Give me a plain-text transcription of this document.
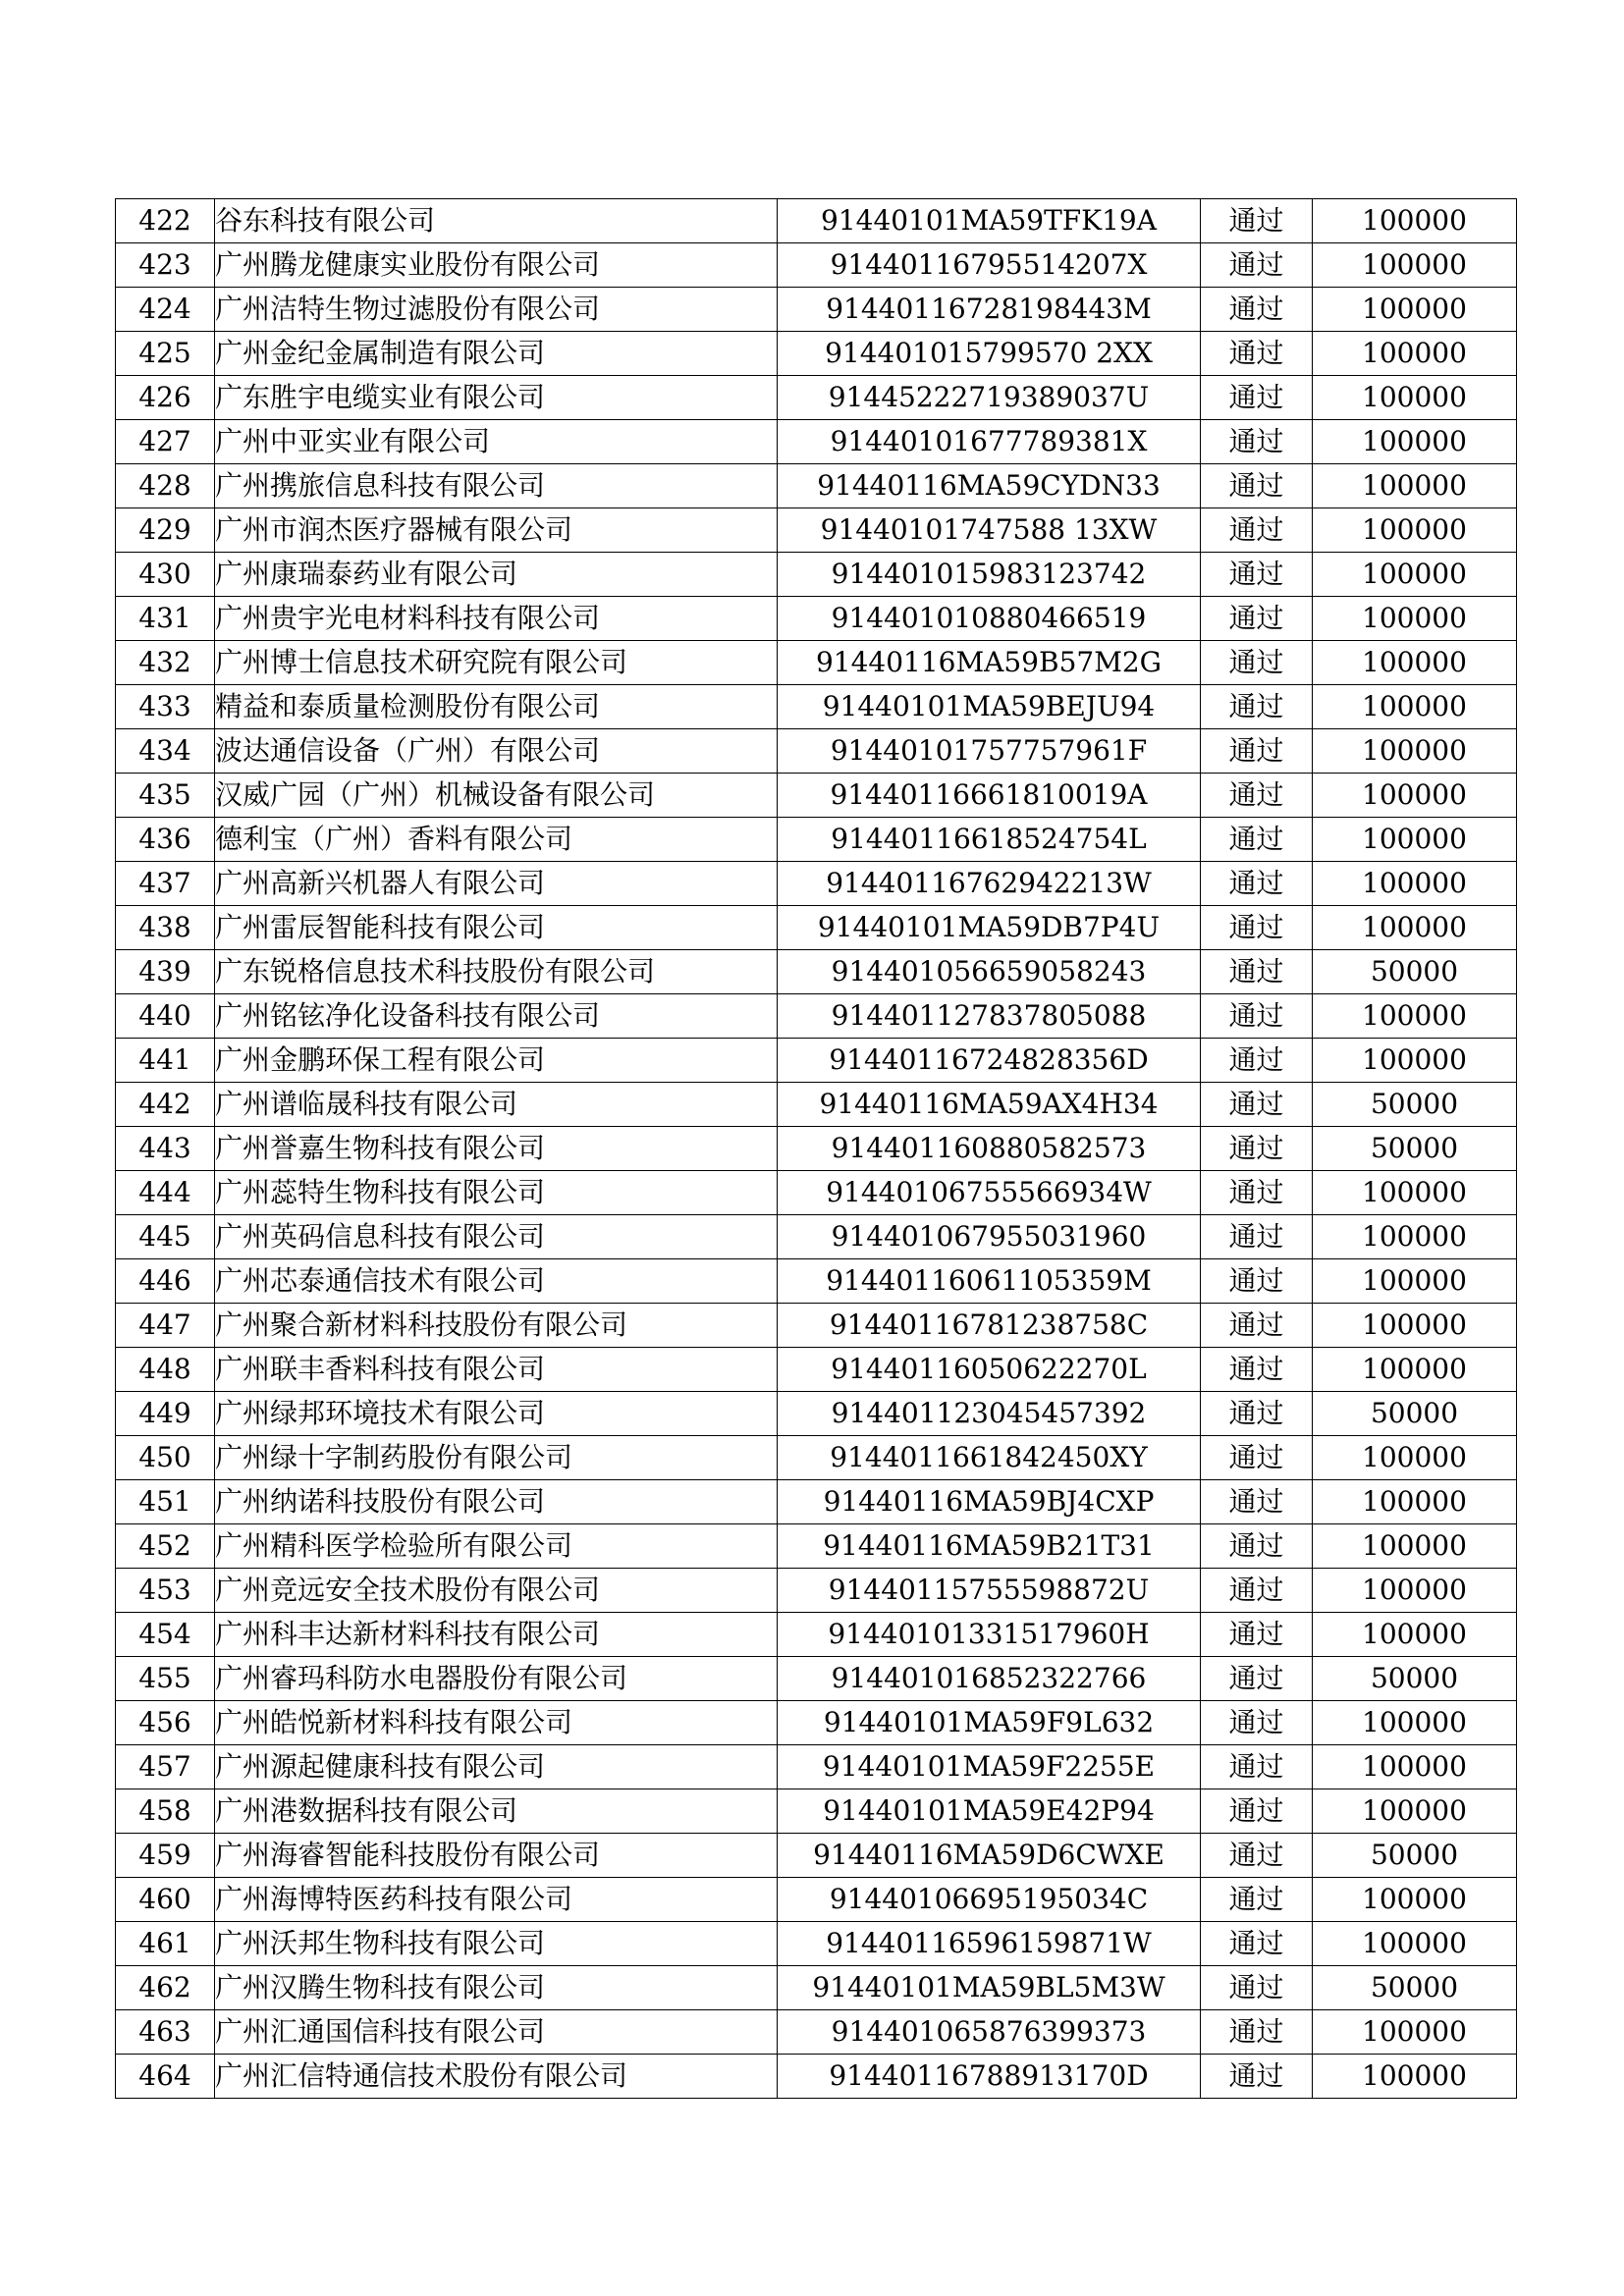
422	谷东科技有限公司	91440101MA59TFK19A	通过	100000
423	广州腾龙健康实业股份有限公司	91440116795514207X	通过	100000
424	广州洁特生物过滤股份有限公司	91440116728198443M	通过	100000
425	广州金纪金属制造有限公司	914401015799570 2XX	通过	100000
426	广东胜宇电缆实业有限公司	91445222719389037U	通过	100000
427	广州中亚实业有限公司	91440101677789381X	通过	100000
428	广州携旅信息科技有限公司	91440116MA59CYDN33	通过	100000
429	广州市润杰医疗器械有限公司	91440101747588 13XW	通过	100000
430	广州康瑞泰药业有限公司	914401015983123742	通过	100000
431	广州贵宇光电材料科技有限公司	914401010880466519	通过	100000
432	广州博士信息技术研究院有限公司	91440116MA59B57M2G	通过	100000
433	精益和泰质量检测股份有限公司	91440101MA59BEJU94	通过	100000
434	波达通信设备（广州）有限公司	91440101757757961F	通过	100000
435	汉威广园（广州）机械设备有限公司	91440116661810019A	通过	100000
436	德利宝（广州）香料有限公司	91440116618524754L	通过	100000
437	广州高新兴机器人有限公司	91440116762942213W	通过	100000
438	广州雷辰智能科技有限公司	91440101MA59DB7P4U	通过	100000
439	广东锐格信息技术科技股份有限公司	914401056659058243	通过	50000
440	广州铭铉净化设备科技有限公司	914401127837805088	通过	100000
441	广州金鹏环保工程有限公司	91440116724828356D	通过	100000
442	广州谱临晟科技有限公司	91440116MA59AX4H34	通过	50000
443	广州誉嘉生物科技有限公司	914401160880582573	通过	50000
444	广州蕊特生物科技有限公司	91440106755566934W	通过	100000
445	广州英码信息科技有限公司	914401067955031960	通过	100000
446	广州芯泰通信技术有限公司	91440116061105359M	通过	100000
447	广州聚合新材料科技股份有限公司	91440116781238758C	通过	100000
448	广州联丰香料科技有限公司	91440116050622270L	通过	100000
449	广州绿邦环境技术有限公司	914401123045457392	通过	50000
450	广州绿十字制药股份有限公司	9144011661842450XY	通过	100000
451	广州纳诺科技股份有限公司	91440116MA59BJ4CXP	通过	100000
452	广州精科医学检验所有限公司	91440116MA59B21T31	通过	100000
453	广州竞远安全技术股份有限公司	91440115755598872U	通过	100000
454	广州科丰达新材料科技有限公司	91440101331517960H	通过	100000
455	广州睿玛科防水电器股份有限公司	914401016852322766	通过	50000
456	广州皓悦新材料科技有限公司	91440101MA59F9L632	通过	100000
457	广州源起健康科技有限公司	91440101MA59F2255E	通过	100000
458	广州港数据科技有限公司	91440101MA59E42P94	通过	100000
459	广州海睿智能科技股份有限公司	91440116MA59D6CWXE	通过	50000
460	广州海博特医药科技有限公司	91440106695195034C	通过	100000
461	广州沃邦生物科技有限公司	91440116596159871W	通过	100000
462	广州汉腾生物科技有限公司	91440101MA59BL5M3W	通过	50000
463	广州汇通国信科技有限公司	914401065876399373	通过	100000
464	广州汇信特通信技术股份有限公司	91440116788913170D	通过	100000
